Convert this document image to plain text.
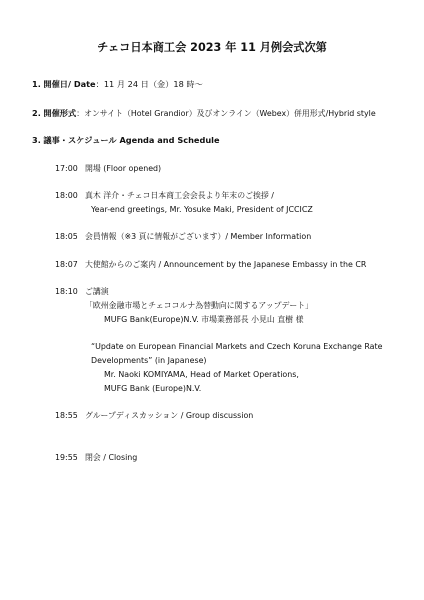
チェコ日本商工会 2023 年 11 月例会式次第
1. 開催日/ Date：11 月 24 日（金）18 時～
2. 開催形式：オンサイト（Hotel Grandior）及びオンライン（Webex）併用形式/Hybrid style
3. 議事・スケジュール Agenda and Schedule
17:00 開場 (Floor opened)
18:00 真木 洋介・チェコ日本商工会会長より年末のご挨拶 /
Year-end greetings, Mr. Yosuke Maki, President of JCCICZ
18:05 会員情報（※3 頁に情報がございます）/ Member Information
18:07 大使館からのご案内 / Announcement by the Japanese Embassy in the CR
18:10 ご講演
「欧州金融市場とチェココルナ為替動向に関するアップデート」
MUFG Bank(Europe)N.V. 市場業務部長 小見山 直樹 様
“Update on European Financial Markets and Czech Koruna Exchange Rate
Developments” (in Japanese)
Mr. Naoki KOMIYAMA, Head of Market Operations,
MUFG Bank (Europe)N.V.
18:55 グループディスカッション / Group discussion
19:55 閉会 / Closing
